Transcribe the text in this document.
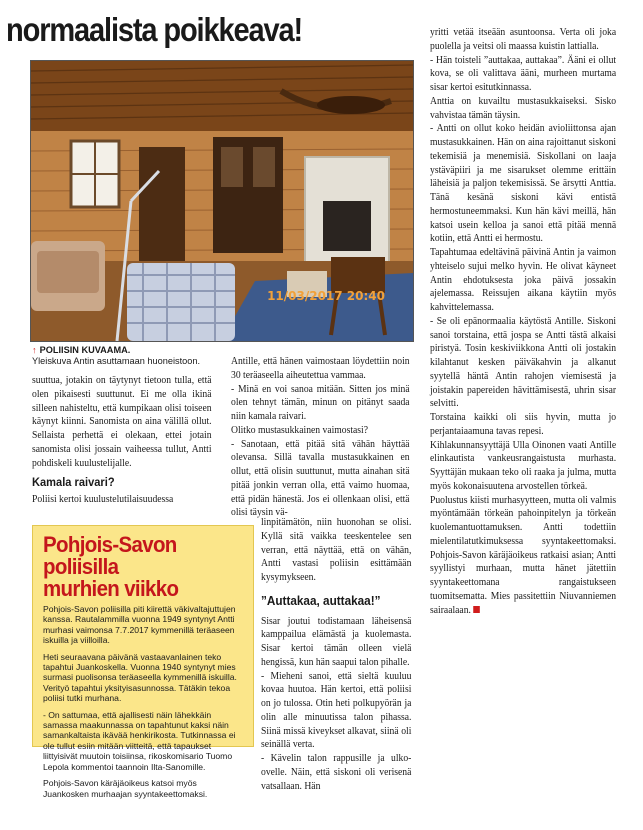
normaalista poikkeava!
11/03/2017 20:40
↑ POLIISIN KUVAAMA.
Yleiskuva Antin asuttamaan huoneistoon.

suuttua, jotakin on täytynyt tietoon tulla, että olen pikaisesti suuttunut. Ei me olla ikinä silleen nahisteltu, että kumpikaan olisi toiseen käynyt kiinni. Sanomista on aina välillä ollut. Sellaista perhettä ei olekaan, ettei jotain sanomista olisi jossain vaiheessa tullut, Antti pohdiskeli kuulustelijalle.

Kamala raivari?

Poliisi kertoi kuulustelutilaisuudessa

Antille, että hänen vaimostaan löydettiin noin 30 teräaseella aiheutettua vammaa.

- Minä en voi sanoa mitään. Sitten jos minä olen tehnyt tämän, minun on pitänyt saada niin kamala raivari.

Olitko mustasukkainen vaimostasi?

- Sanotaan, että pitää sitä vähän häyttää olevansa. Sillä tavalla mustasukkainen en ollut, että olisin suuttunut, mutta ainahan sitä pitää jonkin verran olla, että vaimo huomaa, että pidän hänestä. Jos ei ollenkaan olisi, että olisi täysin vä-

linpitämätön, niin huonohan se olisi. Kyllä sitä vaikka teeskentelee sen verran, että näyttää, että on vähän, Antti vastasi poliisin esittämään kysymykseen.

”Auttakaa, auttakaa!”

Sisar joutui todistamaan läheisensä kamppailua elämästä ja kuolemasta. Sisar kertoi tämän olleen vielä hengissä, kun hän saapui talon pihalle.

- Mieheni sanoi, että sieltä kuuluu kovaa huutoa. Hän kertoi, että poliisi on jo tulossa. Otin heti polkupyörän ja olin alle minuutissa talon pihassa. Siinä missä kiveykset alkavat, siinä oli seinällä verta.

- Kävelin talon rappusille ja ulko-ovelle. Näin, että siskoni oli verisenä vatsallaan. Hän

Pohjois-Savon
poliisilla
murhien viikko

Pohjois-Savon poliisilla piti kiirettä väkivaltajuttujen kanssa. Rautalammilla vuonna 1949 syntynyt Antti murhasi vaimonsa 7.7.2017 kymmenillä teräaseen iskuilla ja viilloilla.

Heti seuraavana päivänä vastaavanlainen teko tapahtui Juankoskella. Vuonna 1940 syntynyt mies surmasi puolisonsa teräaseella kymmenillä iskuilla. Verityö tapahtui yksityisasunnossa. Tätäkin tekoa poliisi tutki murhana.

- On sattumaa, että ajallisesti näin lähekkäin samassa maakunnassa on tapahtunut kaksi näin samankaltaista ikävää henkirikosta. Tutkinnassa ei ole tullut esiin mitään viitteitä, että tapaukset liittyisivät muutoin toisiinsa, rikoskomisario Tuomo Lepola kommentoi taannoin Ilta-Sanomille.

Pohjois-Savon käräjäoikeus katsoi myös Juankosken murhaajan syyntakeettomaksi.

yritti vetää itseään asuntoonsa. Verta oli joka puolella ja veitsi oli maassa kuistin lattialla.

- Hän toisteli ”auttakaa, auttakaa”. Ääni ei ollut kova, se oli valittava ääni, murheen murtama sisar kertoi esitutkinnassa.

Anttia on kuvailtu mustasukkaiseksi. Sisko vahvistaa tämän täysin.

- Antti on ollut koko heidän avioliittonsa ajan mustasukkainen. Hän on aina rajoittanut siskoni tekemisiä ja menemisiä. Siskollani on laaja ystäväpiiri ja me sisarukset olemme erittäin läheisiä ja paljon tekemisissä. Se ärsytti Anttia. Tänä kesänä siskoni kävi entistä hermostuneemmaksi. Kun hän kävi meillä, hän katsoi usein kelloa ja sanoi että pitää mennä kotiin, että Antti ei hermostu.

Tapahtumaa edeltävinä päivinä Antin ja vaimon yhteiselo sujui melko hyvin. He olivat käyneet Antin ehdotuksesta joka päivä jossakin ajelemassa. Reissujen aikana käytiin myös kahvittelemassa.

- Se oli epänormaalia käytöstä Antille. Siskoni sanoi torstaina, että jospa se Antti tästä alkaisi piristyä. Tosin keskiviikkona Antti oli jostakin kilahtanut kesken päiväkahvin ja alkanut syytellä häntä Antin rahojen viemisestä ja joistakin papereiden hävittämisestä, uhrin sisar selvitti.

Torstaina kaikki oli siis hyvin, mutta jo perjantaiaamuna tavas repesi.

Kihlakunnansyyttäjä Ulla Oinonen vaati Antille elinkautista vankeusrangaistusta murhasta. Syyttäjän mukaan teko oli raaka ja julma, mutta myös kokonaisuutena arvostellen törkeä.

Puolustus kiisti murhasyytteen, mutta oli valmis myöntämään törkeän pahoinpitelyn ja törkeän kuolemantuottamuksen. Antti todettiin mielentilatutkimuksessa syyntakeettomaksi. Pohjois-Savon käräjäoikeus ratkaisi asian; Antti syyllistyi murhaan, mutta hänet jätettiin syyntakeettomana rangaistukseen tuomitsematta. Mies passitettiin Niuvanniemen sairaalaan.
